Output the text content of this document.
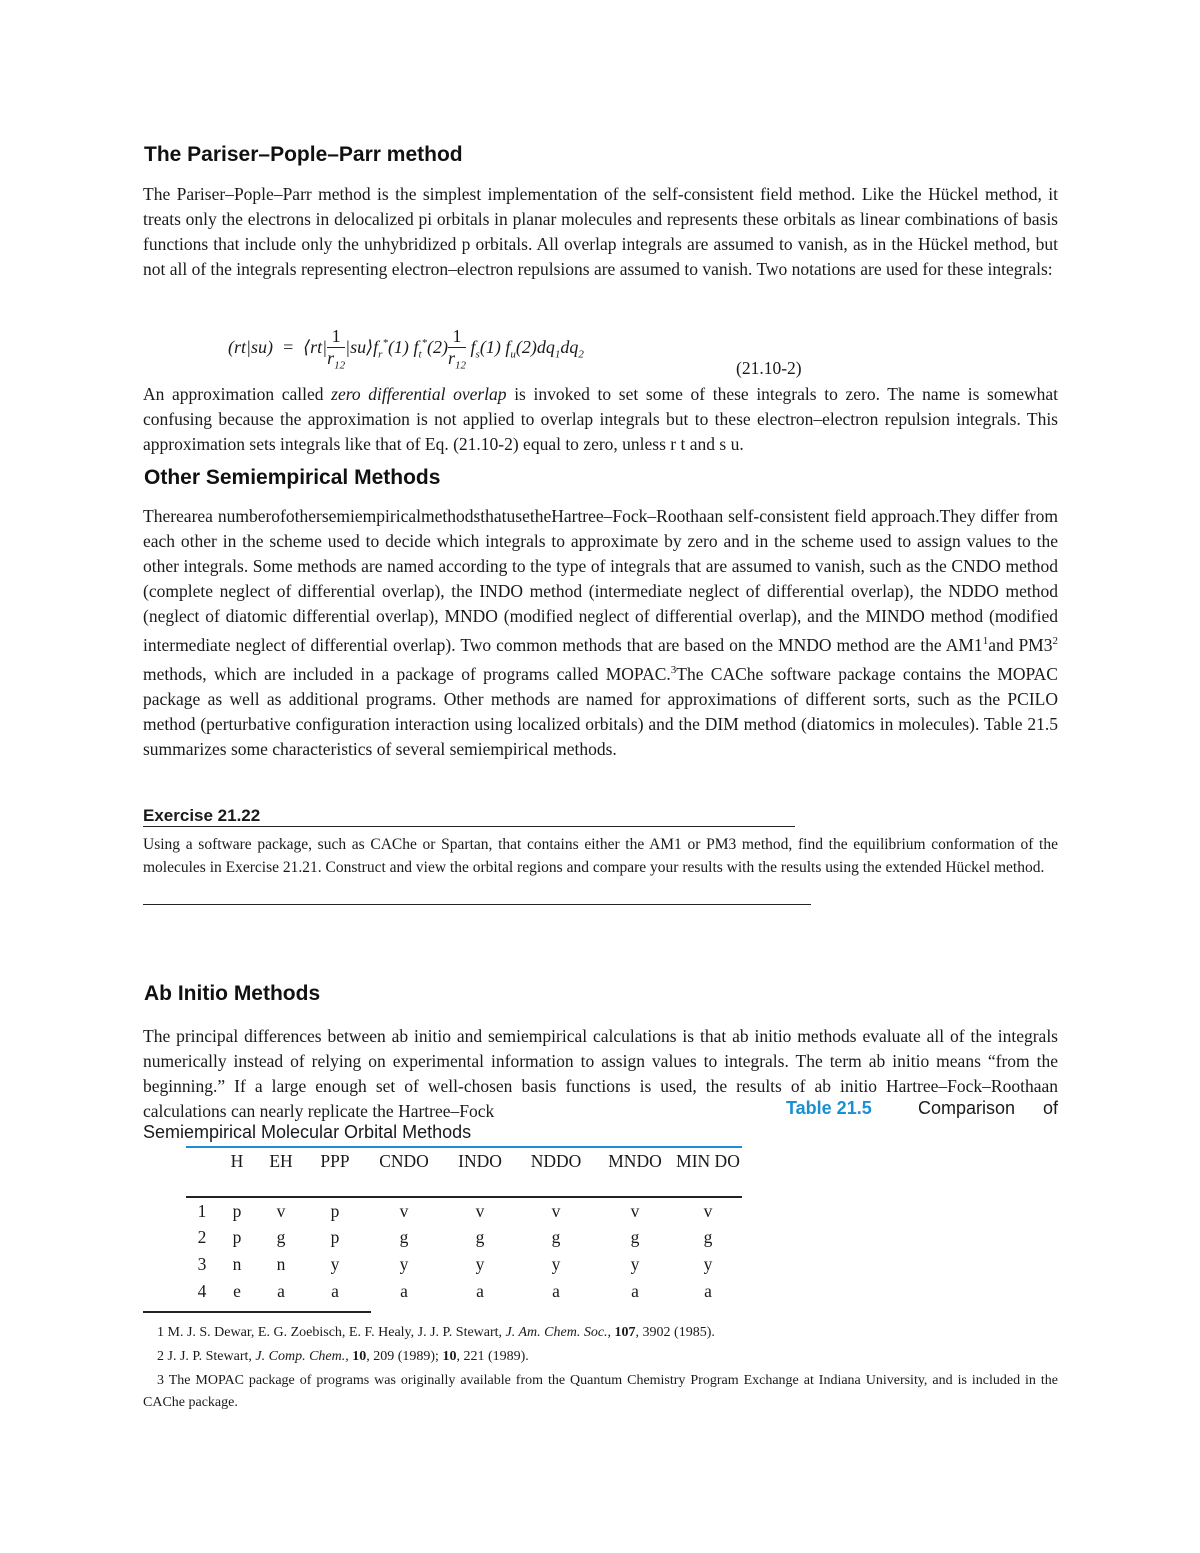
The Pariser–Pople–Parr method

The Pariser–Pople–Parr method is the simplest implementation of the self-consistent field method. Like the Hückel method, it treats only the electrons in delocalized pi orbitals in planar molecules and represents these orbitals as linear combinations of basis functions that include only the unhybridized p orbitals. All overlap integrals are assumed to vanish, as in the Hückel method, but not all of the integrals representing electron–electron repulsions are assumed to vanish. Two notations are used for these integrals:

(rt|su)  =  ⟨rt| $\frac{1}{r_{12}}$ $|su⟩f_r^*(1)$ $f_t^*(2) \frac{1}{r_{12}} f_s(1)$ $f_u(2)dq_1dq_2$
(21.10-2)

An approximation called zero differential overlap is invoked to set some of these integrals to zero. The name is somewhat confusing because the approximation is not applied to overlap integrals but to these electron–electron repulsion integrals. This approximation sets integrals like that of Eq. (21.10-2) equal to zero, unless r t and s u.

Other Semiempirical Methods

Therearea numberofothersemiempiricalmethodsthatusetheHartree–Fock–Roothaan self-consistent field approach.They differ from each other in the scheme used to decide which integrals to approximate by zero and in the scheme used to assign values to the other integrals. Some methods are named according to the type of integrals that are assumed to vanish, such as the CNDO method (complete neglect of differential overlap), the INDO method (intermediate neglect of differential overlap), the NDDO method (neglect of diatomic differential overlap), MNDO (modified neglect of differential overlap), and the MINDO method (modified intermediate neglect of differential overlap). Two common methods that are based on the MNDO method are the $AM1^1and$ $PM3^2$ methods, which are included in a package of programs called MOPAC.$^3$The CAChe software package contains the MOPAC package as well as additional programs. Other methods are named for approximations of different sorts, such as the PCILO method (perturbative configuration interaction using localized orbitals) and the DIM method (diatomics in molecules). Table 21.5 summarizes some characteristics of several semiempirical methods.

Exercise 21.22
Using a software package, such as CAChe or Spartan, that contains either the AM1 or PM3 method, find the equilibrium conformation of the molecules in Exercise 21.21. Construct and view the orbital regions and compare your results with the results using the extended Hückel method.
Ab Initio Methods

The principal differences between ab initio and semiempirical calculations is that ab initio methods evaluate all of the integrals numerically instead of relying on experimental information to assign values to integrals. The term ab initio means “from the beginning.” If a large enough set of well-chosen basis functions is used, the results of ab initio Hartree–Fock–Roothaan calculations can nearly replicate the Hartree–Fock	Table 21.5	Comparison of
Semiempirical Molecular Orbital Methods
	H	EH	PPP	CNDO	INDO	NDDO	MNDO	MIN DO
1	p	v	p	v	v	v	v	v
2	p	g	p	g	g	g	g	g
3	n	n	y	y	y	y	y	y
4	e	a	a	a	a	a	a	a
1 M. J. S. Dewar, E. G. Zoebisch, E. F. Healy, J. J. P. Stewart, J. Am. Chem. Soc., 107, 3902 (1985).
2 J. J. P. Stewart, J. Comp. Chem., 10, 209 (1989); 10, 221 (1989).
3 The MOPAC package of programs was originally available from the Quantum Chemistry Program Exchange at Indiana University, and is included in the CAChe package.
